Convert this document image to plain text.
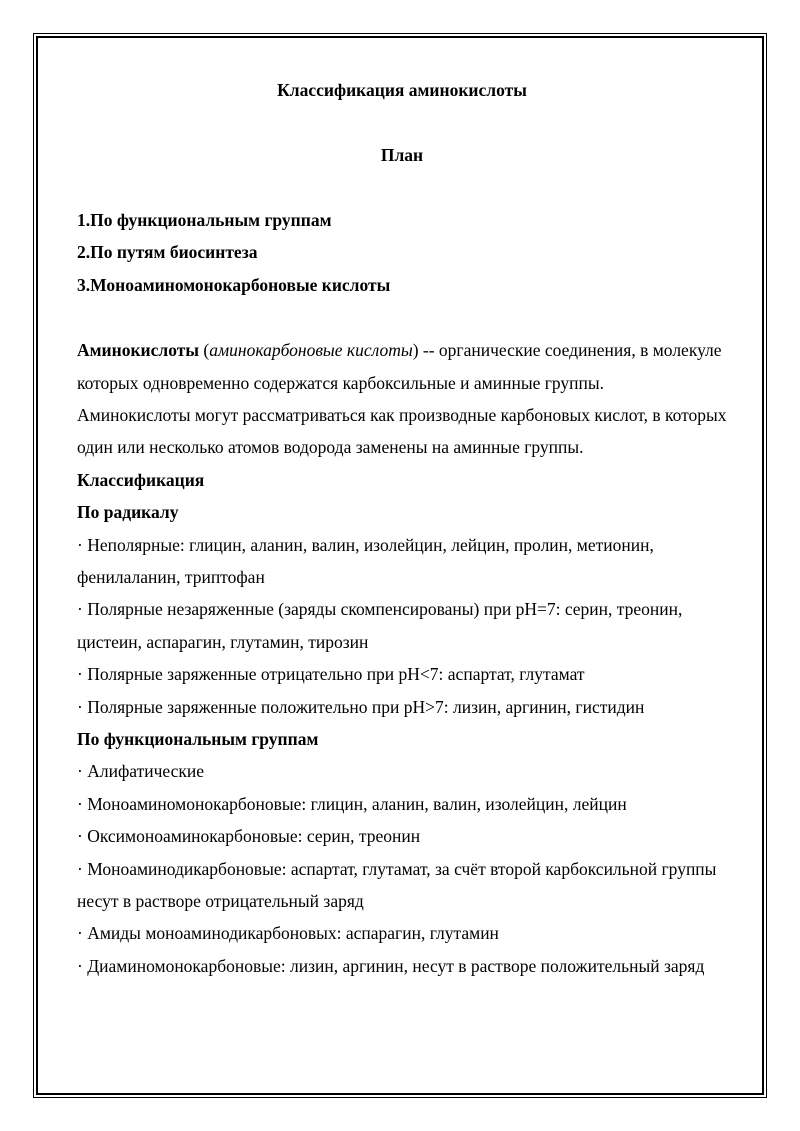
Классификация аминокислоты
План
1.По функциональным группам
2.По путям биосинтеза
3.Моноаминомонокарбоновые кислоты

Аминокислоты (аминокарбоновые кислоты) -- органические соединения, в молекуле которых одновременно содержатся карбоксильные и аминные группы.

Аминокислоты могут рассматриваться как производные карбоновых кислот, в которых один или несколько атомов водорода заменены на аминные группы.

Классификация
По радикалу

· Неполярные: глицин, аланин, валин, изолейцин, лейцин, пролин, метионин, фенилаланин, триптофан

· Полярные незаряженные (заряды скомпенсированы) при pH=7: серин, треонин, цистеин, аспарагин, глутамин, тирозин

· Полярные заряженные отрицательно при pH<7: аспартат, глутамат

· Полярные заряженные положительно при pH>7: лизин, аргинин, гистидин

По функциональным группам

· Алифатические

· Моноаминомонокарбоновые: глицин, аланин, валин, изолейцин, лейцин

· Оксимоноаминокарбоновые: серин, треонин

· Моноаминодикарбоновые: аспартат, глутамат, за счёт второй карбоксильной группы несут в растворе отрицательный заряд

· Амиды моноаминодикарбоновых: аспарагин, глутамин

· Диаминомонокарбоновые: лизин, аргинин, несут в растворе положительный заряд
